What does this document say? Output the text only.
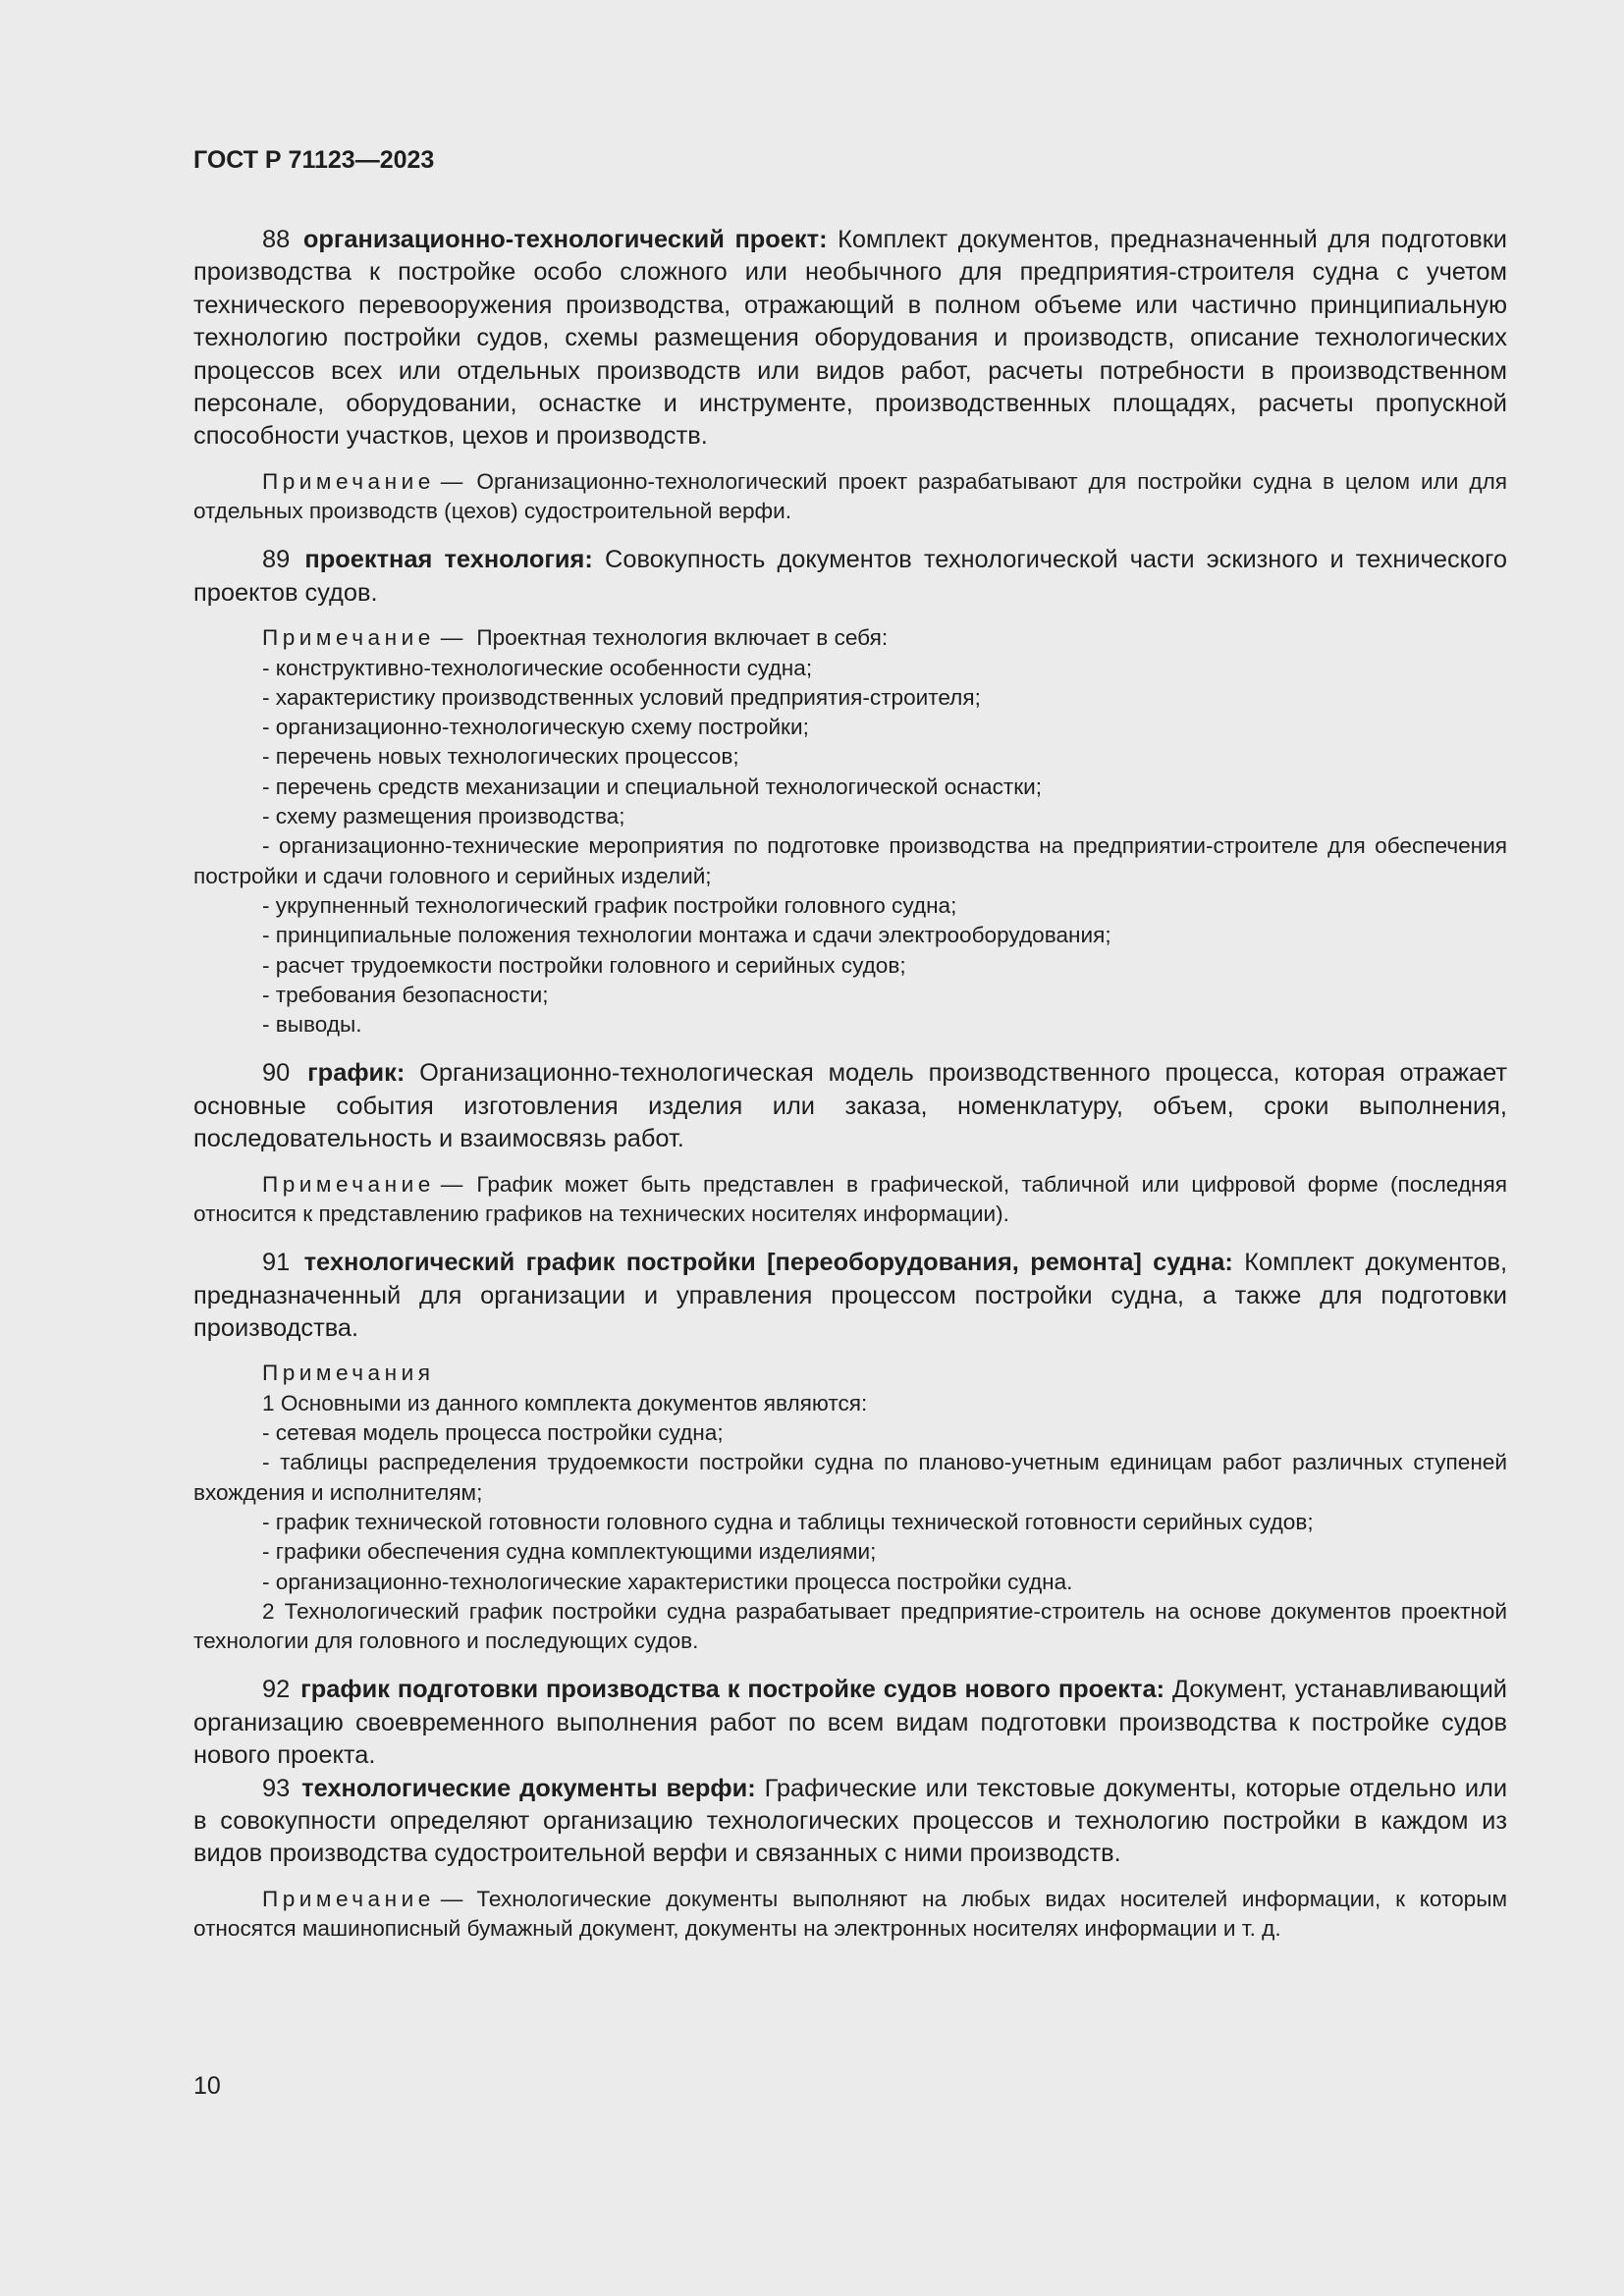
ГОСТ Р 71123—2023

88 организационно-технологический проект: Комплект документов, предназначенный для подготовки производства к постройке особо сложного или необычного для предприятия-строителя судна с учетом технического перевооружения производства, отражающий в полном объеме или частично принципиальную технологию постройки судов, схемы размещения оборудования и производств, описание технологических процессов всех или отдельных производств или видов работ, расчеты потребности в производственном персонале, оборудовании, оснастке и инструменте, производственных площадях, расчеты пропускной способности участков, цехов и производств.

Примечание — Организационно-технологический проект разрабатывают для постройки судна в целом или для отдельных производств (цехов) судостроительной верфи.

89 проектная технология: Совокупность документов технологической части эскизного и технического проектов судов.

Примечание — Проектная технология включает в себя:

- конструктивно-технологические особенности судна;

- характеристику производственных условий предприятия-строителя;

- организационно-технологическую схему постройки;

- перечень новых технологических процессов;

- перечень средств механизации и специальной технологической оснастки;

- схему размещения производства;

- организационно-технические мероприятия по подготовке производства на предприятии-строителе для обеспечения постройки и сдачи головного и серийных изделий;

- укрупненный технологический график постройки головного судна;

- принципиальные положения технологии монтажа и сдачи электрооборудования;

- расчет трудоемкости постройки головного и серийных судов;

- требования безопасности;

- выводы.

90 график: Организационно-технологическая модель производственного процесса, которая отражает основные события изготовления изделия или заказа, номенклатуру, объем, сроки выполнения, последовательность и взаимосвязь работ.

Примечание — График может быть представлен в графической, табличной или цифровой форме (последняя относится к представлению графиков на технических носителях информации).

91 технологический график постройки [переоборудования, ремонта] судна: Комплект документов, предназначенный для организации и управления процессом постройки судна, а также для подготовки производства.

Примечания

1 Основными из данного комплекта документов являются:

- сетевая модель процесса постройки судна;

- таблицы распределения трудоемкости постройки судна по планово-учетным единицам работ различных ступеней вхождения и исполнителям;

- график технической готовности головного судна и таблицы технической готовности серийных судов;

- графики обеспечения судна комплектующими изделиями;

- организационно-технологические характеристики процесса постройки судна.

2 Технологический график постройки судна разрабатывает предприятие-строитель на основе документов проектной технологии для головного и последующих судов.

92 график подготовки производства к постройке судов нового проекта: Документ, устанавливающий организацию своевременного выполнения работ по всем видам подготовки производства к постройке судов нового проекта.

93 технологические документы верфи: Графические или текстовые документы, которые отдельно или в совокупности определяют организацию технологических процессов и технологию постройки в каждом из видов производства судостроительной верфи и связанных с ними производств.

Примечание — Технологические документы выполняют на любых видах носителей информации, к которым относятся машинописный бумажный документ, документы на электронных носителях информации и т. д.

10
